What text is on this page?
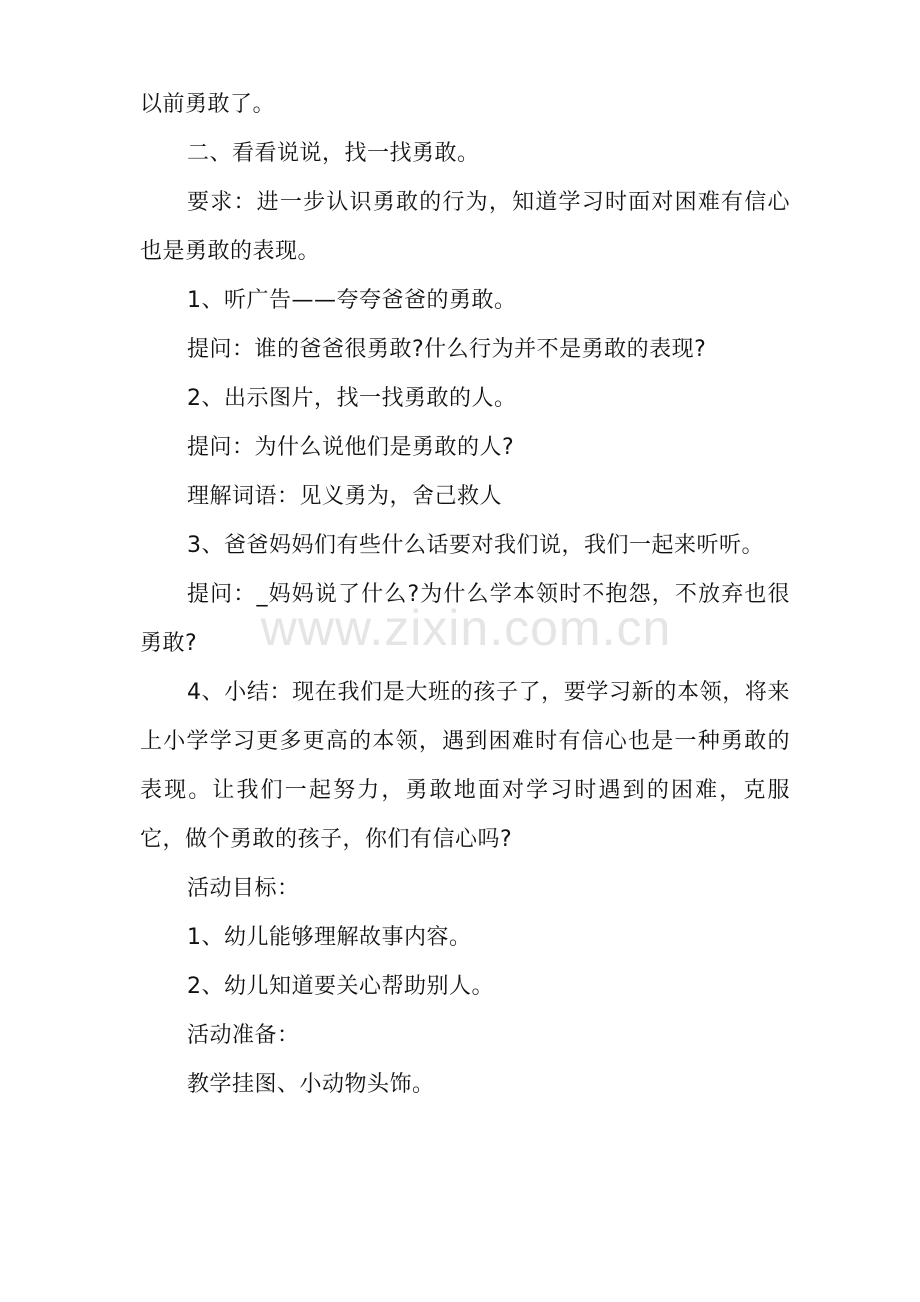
以前勇敢了。

二、看看说说，找一找勇敢。

要求：进一步认识勇敢的行为，知道学习时面对困难有信心也是勇敢的表现。

1、听广告——夸夸爸爸的勇敢。

提问：谁的爸爸很勇敢?什么行为并不是勇敢的表现?

2、出示图片，找一找勇敢的人。

提问：为什么说他们是勇敢的人?

理解词语：见义勇为，舍己救人

3、爸爸妈妈们有些什么话要对我们说，我们一起来听听。

提问：_妈妈说了什么?为什么学本领时不抱怨，不放弃也很勇敢?

4、小结：现在我们是大班的孩子了，要学习新的本领，将来上小学学习更多更高的本领，遇到困难时有信心也是一种勇敢的表现。让我们一起努力，勇敢地面对学习时遇到的困难，克服它，做个勇敢的孩子，你们有信心吗?

活动目标：

1、幼儿能够理解故事内容。

2、幼儿知道要关心帮助别人。

活动准备：

教学挂图、小动物头饰。

www.zixin.com.cn
